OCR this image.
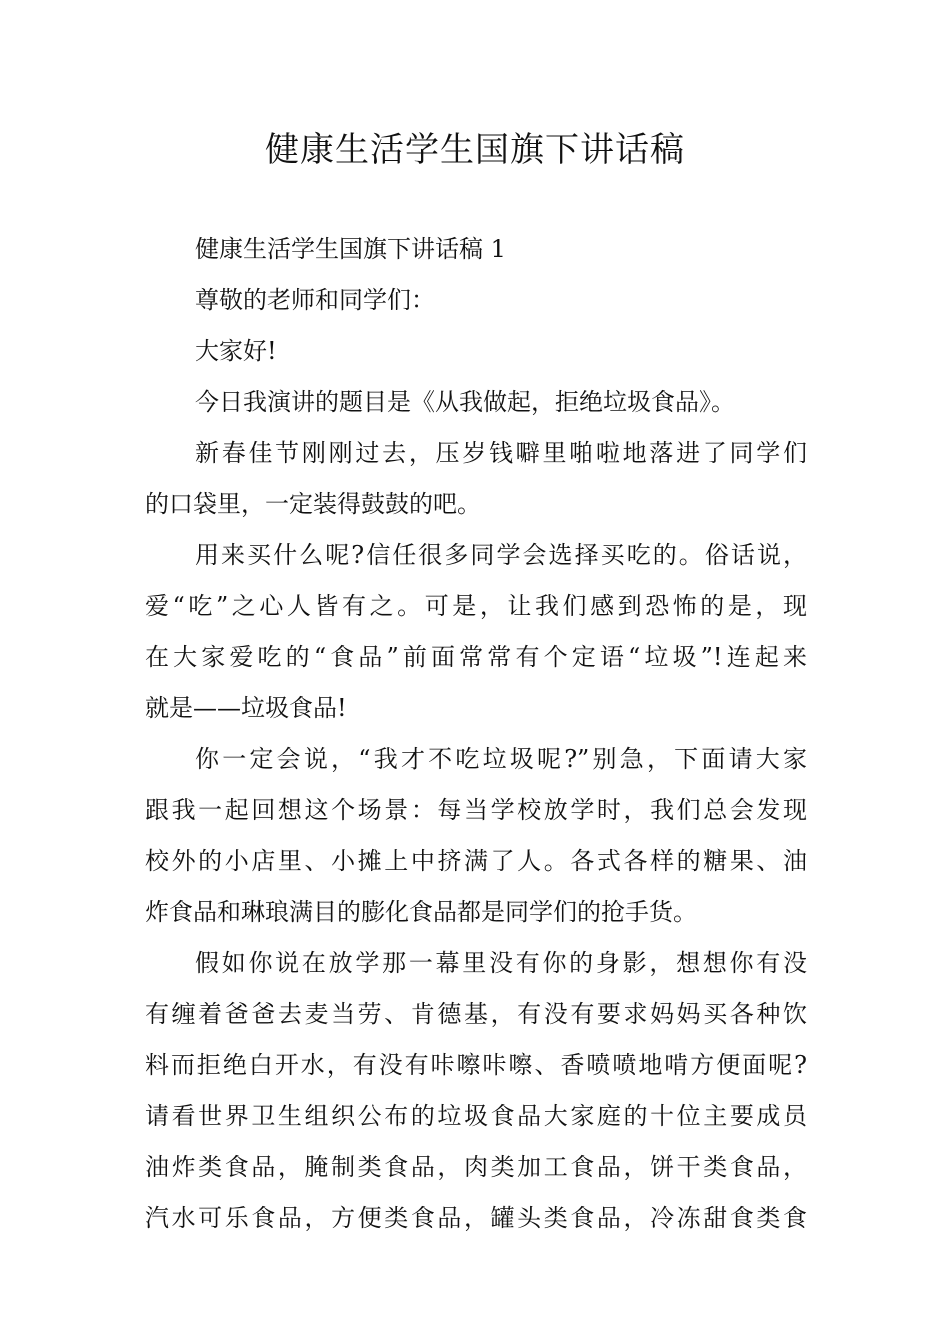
健康生活学生国旗下讲话稿
健康生活学生国旗下讲话稿 1
尊敬的老师和同学们：
大家好!
今日我演讲的题目是《从我做起，拒绝垃圾食品》。
新春佳节刚刚过去，压岁钱噼里啪啦地落进了同学们
的口袋里，一定装得鼓鼓的吧。
用来买什么呢?信任很多同学会选择买吃的。俗话说，
爱“吃”之心人皆有之。可是，让我们感到恐怖的是，现
在大家爱吃的“食品”前面常常有个定语“垃圾”!连起来
就是——垃圾食品!
你一定会说，“我才不吃垃圾呢?”别急，下面请大家
跟我一起回想这个场景：每当学校放学时，我们总会发现
校外的小店里、小摊上中挤满了人。各式各样的糖果、油
炸食品和琳琅满目的膨化食品都是同学们的抢手货。
假如你说在放学那一幕里没有你的身影，想想你有没
有缠着爸爸去麦当劳、肯德基，有没有要求妈妈买各种饮
料而拒绝白开水，有没有咔嚓咔嚓、香喷喷地啃方便面呢?
请看世界卫生组织公布的垃圾食品大家庭的十位主要成员
油炸类食品，腌制类食品，肉类加工食品，饼干类食品，
汽水可乐食品，方便类食品，罐头类食品，冷冻甜食类食
